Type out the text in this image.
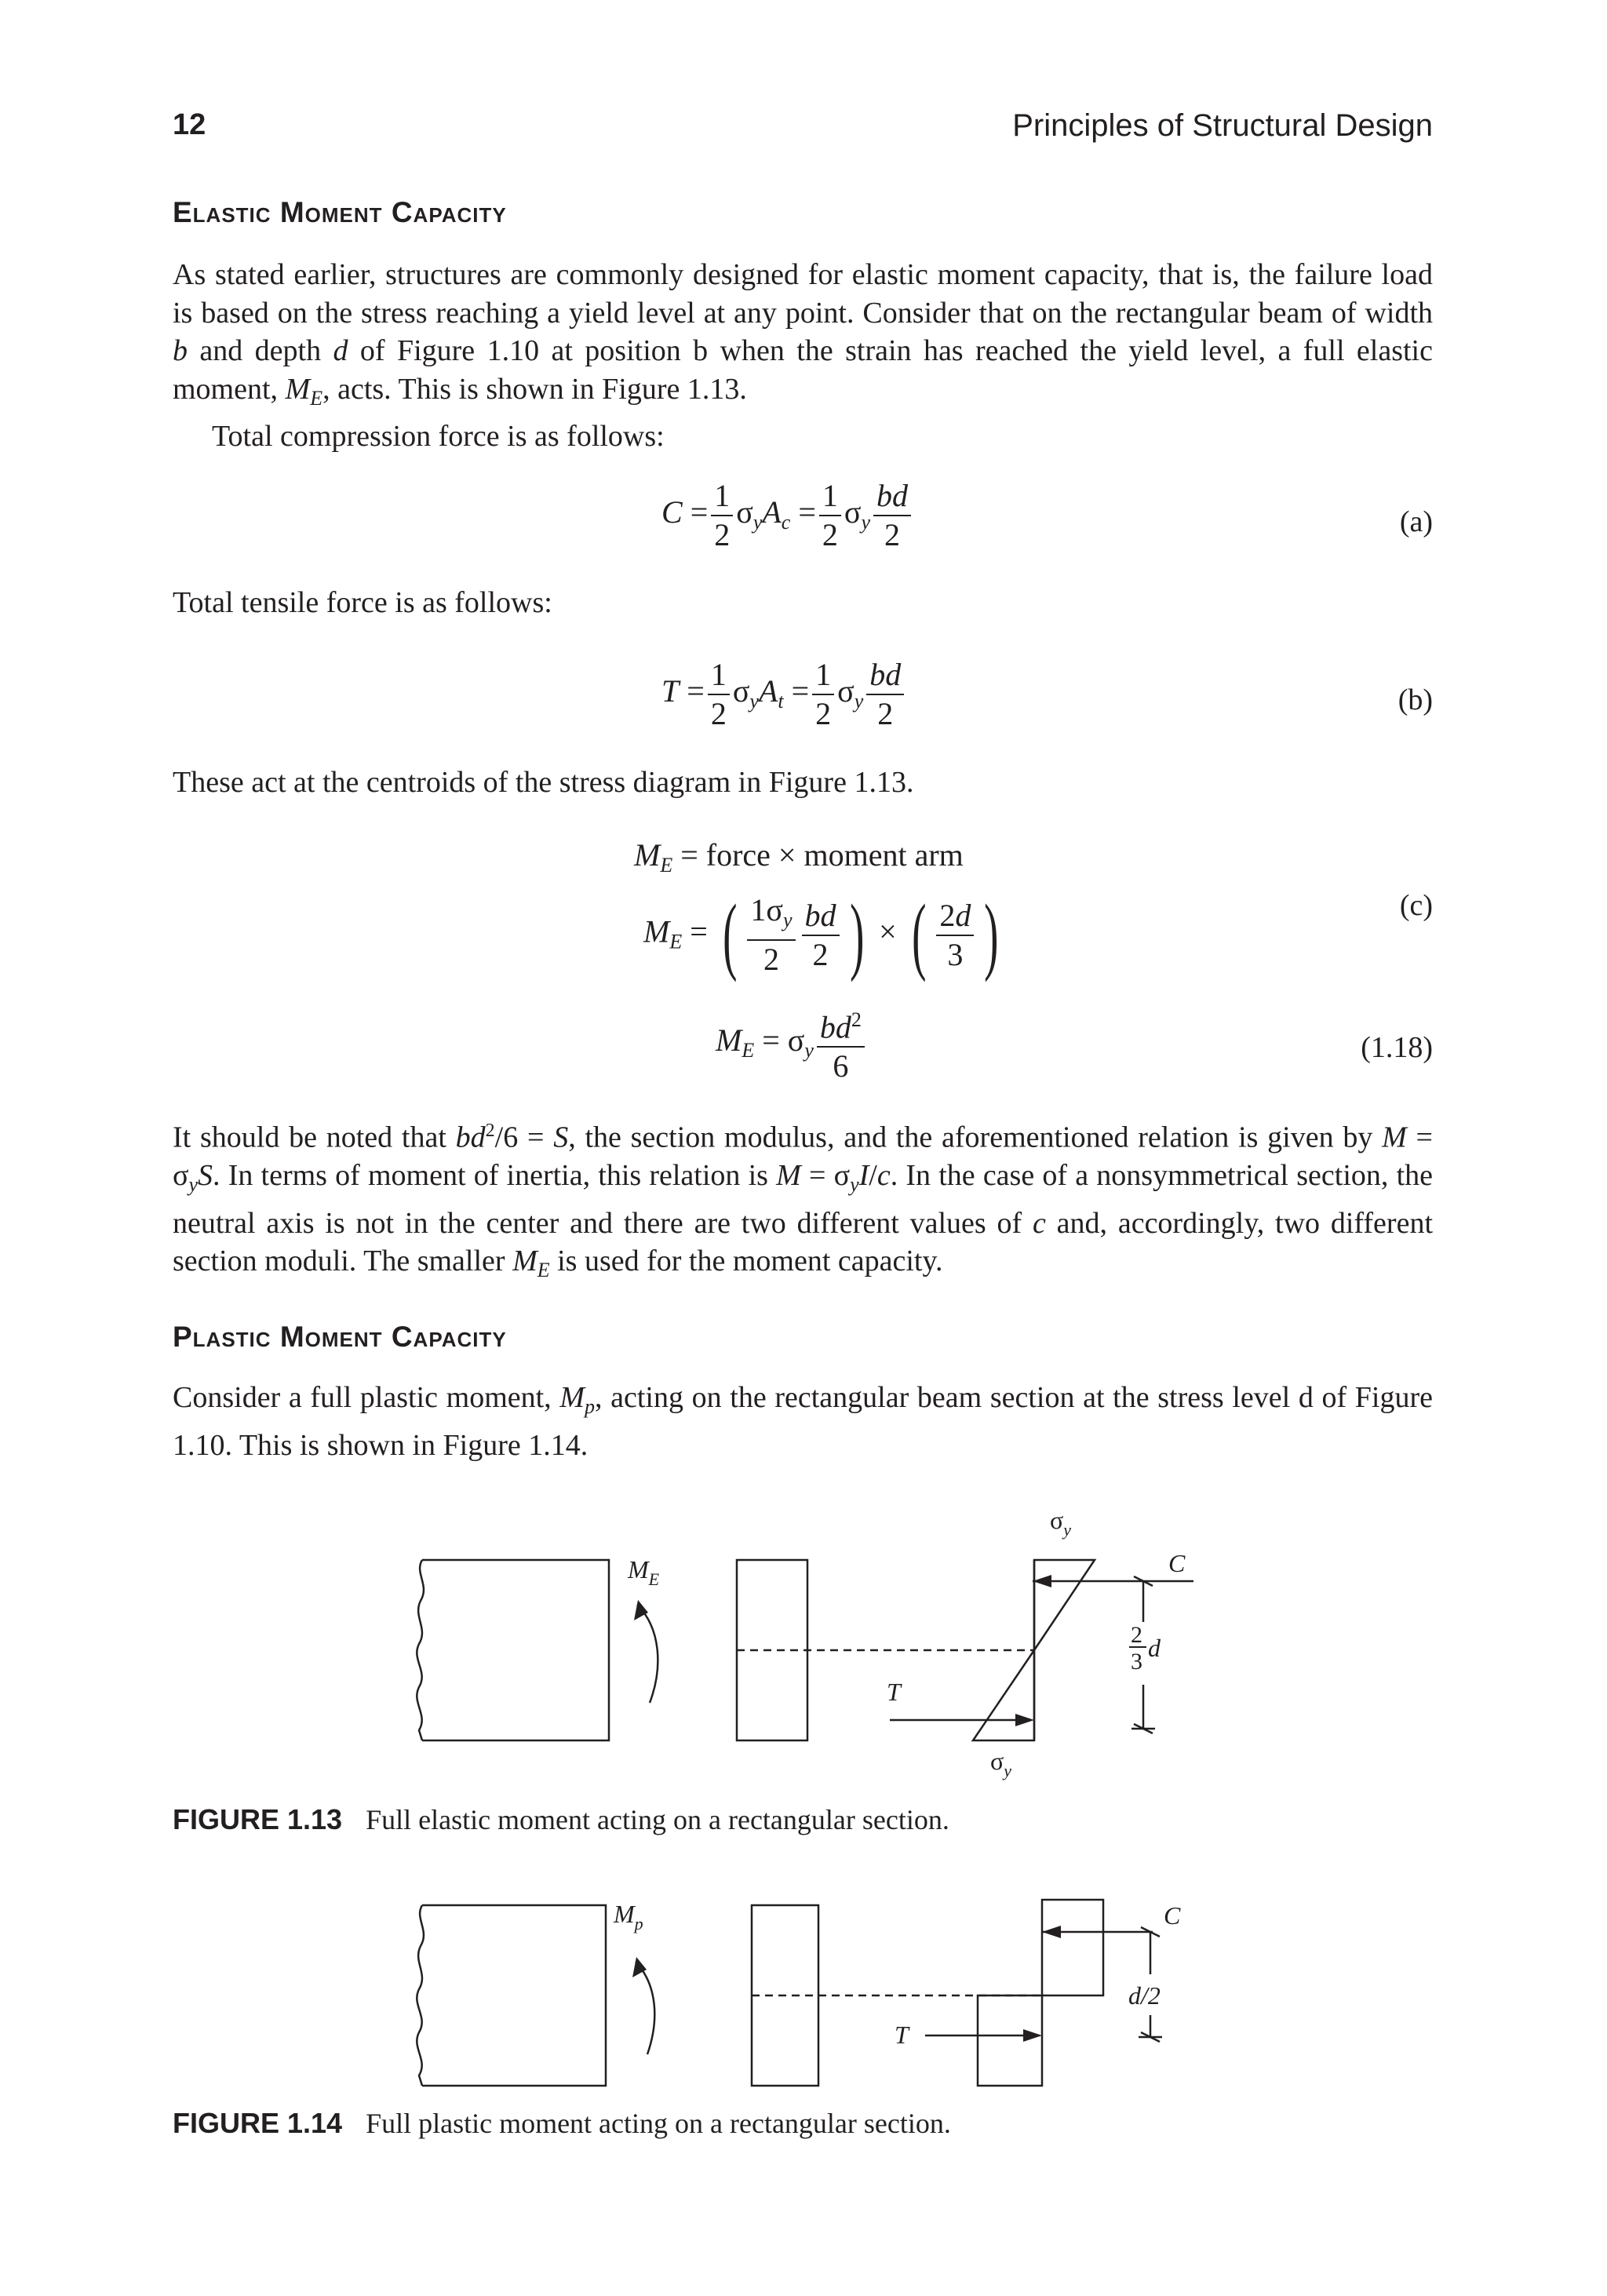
12	Principles of Structural Design
Elastic Moment Capacity

As stated earlier, structures are commonly designed for elastic moment capacity, that is, the failure load is based on the stress reaching a yield level at any point. Consider that on the rectangular beam of width b and depth d of Figure 1.10 at position b when the strain has reached the yield level, a full elastic moment, $M_E$, acts. This is shown in Figure 1.13.

Total compression force is as follows:

$C = \frac{1}{2} \sigma_yA_c = \frac{1}{2} \sigma_y \frac{bd}{2}$	(a)

Total tensile force is as follows:

$T = \frac{1}{2} \sigma_yA_t = \frac{1}{2} \sigma_y \frac{bd}{2}$	(b)

These act at the centroids of the stress diagram in Figure 1.13.

$M_E$ = force × moment arm
$M_E$ = ( $\frac{1\sigma_y}{2} \frac{bd}{2}$ ) × ( $\frac{2d}{3}$ )	(c)
$M_E = \sigma_y \frac{bd^2}{6}$	(1.18)

It should be noted that $bd^2/6 = S$, the section modulus, and the aforementioned relation is given by $M = \sigma_yS$. In terms of moment of inertia, this relation is $M = \sigma_yI/c$. In the case of a nonsymmetrical section, the neutral axis is not in the center and there are two different values of c and, accordingly, two different section moduli. The smaller $M_E$ is used for the moment capacity.

Plastic Moment Capacity

Consider a full plastic moment, $M_p$, acting on the rectangular beam section at the stress level d of Figure 1.10. This is shown in Figure 1.14.

$M_E$
$\sigma_y$
$\sigma_y$
C
T
2
3 d
FIGURE 1.13 Full elastic moment acting on a rectangular section.
$M_p$	C
T
d/2
FIGURE 1.14 Full plastic moment acting on a rectangular section.
